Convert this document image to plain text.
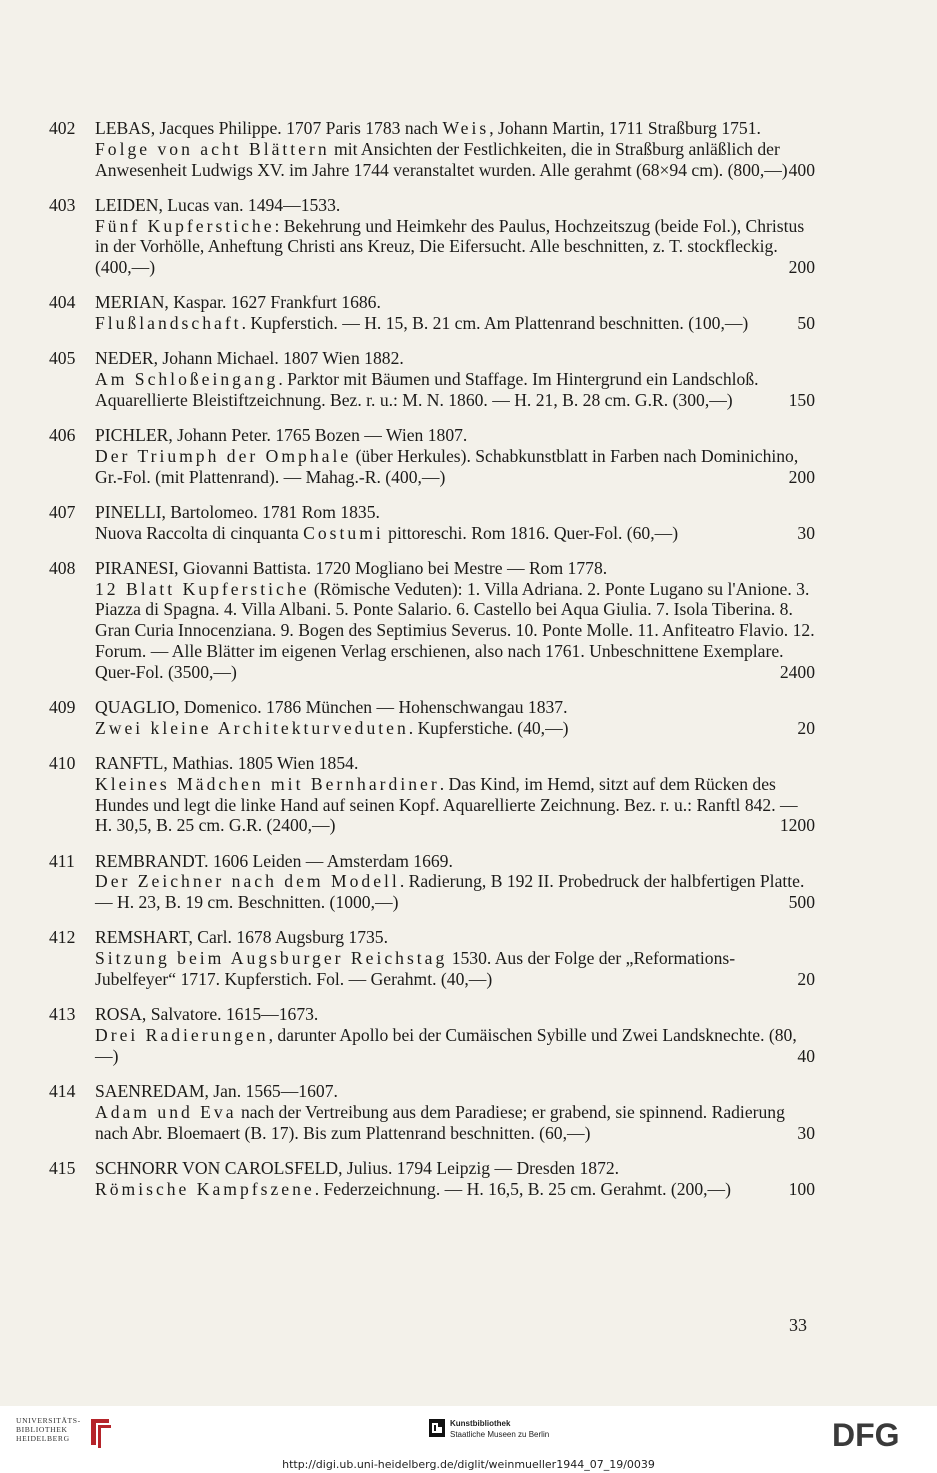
402 LEBAS, Jacques Philippe. 1707 Paris 1783 nach Weis, Johann Martin, 1711 Straßburg 1751.

Folge von acht Blättern mit Ansichten der Festlichkeiten, die in Straßburg anläßlich der Anwesenheit Ludwigs XV. im Jahre 1744 veranstaltet wurden. Alle gerahmt (68×94 cm). (800,—) 400

403 LEIDEN, Lucas van. 1494—1533.

Fünf Kupferstiche: Bekehrung und Heimkehr des Paulus, Hochzeitszug (beide Fol.), Christus in der Vorhölle, Anheftung Christi ans Kreuz, Die Eifersucht. Alle beschnitten, z. T. stockfleckig. (400,—)	200

404 MERIAN, Kaspar. 1627 Frankfurt 1686.

Flußlandschaft. Kupferstich. — H. 15, B. 21 cm. Am Plattenrand beschnitten. (100,—)	50

405 NEDER, Johann Michael. 1807 Wien 1882.

Am Schloßeingang. Parktor mit Bäumen und Staffage. Im Hintergrund ein Landschloß. Aquarellierte Bleistiftzeichnung. Bez. r. u.: M. N. 1860. — H. 21, B. 28 cm. G.R. (300,—)	150

406 PICHLER, Johann Peter. 1765 Bozen — Wien 1807.

Der Triumph der Omphale (über Herkules). Schabkunstblatt in Farben nach Dominichino, Gr.-Fol. (mit Plattenrand). — Mahag.-R. (400,—)	200

407 PINELLI, Bartolomeo. 1781 Rom 1835.

Nuova Raccolta di cinquanta Costumi pittoreschi. Rom 1816. Quer-Fol. (60,—)	30

408 PIRANESI, Giovanni Battista. 1720 Mogliano bei Mestre — Rom 1778.

12 Blatt Kupferstiche (Römische Veduten): 1. Villa Adriana. 2. Ponte Lugano su l'Anione. 3. Piazza di Spagna. 4. Villa Albani. 5. Ponte Salario. 6. Castello bei Aqua Giulia. 7. Isola Tiberina. 8. Gran Curia Innocenziana. 9. Bogen des Septimius Severus. 10. Ponte Molle. 11. Anfiteatro Flavio. 12. Forum. — Alle Blätter im eigenen Verlag erschienen, also nach 1761. Unbeschnittene Exemplare. Quer-Fol. (3500,—)	2400

409 QUAGLIO, Domenico. 1786 München — Hohenschwangau 1837.

Zwei kleine Architekturveduten. Kupferstiche. (40,—)	20

410 RANFTL, Mathias. 1805 Wien 1854.

Kleines Mädchen mit Bernhardiner. Das Kind, im Hemd, sitzt auf dem Rücken des Hundes und legt die linke Hand auf seinen Kopf. Aquarellierte Zeichnung. Bez. r. u.: Ranftl 842. — H. 30,5, B. 25 cm. G.R. (2400,—)	1200

411 REMBRANDT. 1606 Leiden — Amsterdam 1669.

Der Zeichner nach dem Modell. Radierung, B 192 II. Probedruck der halbfertigen Platte. — H. 23, B. 19 cm. Beschnitten. (1000,—)	500

412 REMSHART, Carl. 1678 Augsburg 1735.

Sitzung beim Augsburger Reichstag 1530. Aus der Folge der „Reformations-Jubelfeyer“ 1717. Kupferstich. Fol. — Gerahmt. (40,—)	20

413 ROSA, Salvatore. 1615—1673.

Drei Radierungen, darunter Apollo bei der Cumäischen Sybille und Zwei Landsknechte. (80,—)	40

414 SAENREDAM, Jan. 1565—1607.

Adam und Eva nach der Vertreibung aus dem Paradiese; er grabend, sie spinnend. Radierung nach Abr. Bloemaert (B. 17). Bis zum Plattenrand beschnitten. (60,—)	30

415 SCHNORR VON CAROLSFELD, Julius. 1794 Leipzig — Dresden 1872.

Römische Kampfszene. Federzeichnung. — H. 16,5, B. 25 cm. Gerahmt. (200,—)	100

33
UNIVERSITÄTS-
BIBLIOTHEK
HEIDELBERG
Kunstbibliothek
Staatliche Museen zu Berlin	DFG
http://digi.ub.uni-heidelberg.de/diglit/weinmueller1944_07_19/0039
